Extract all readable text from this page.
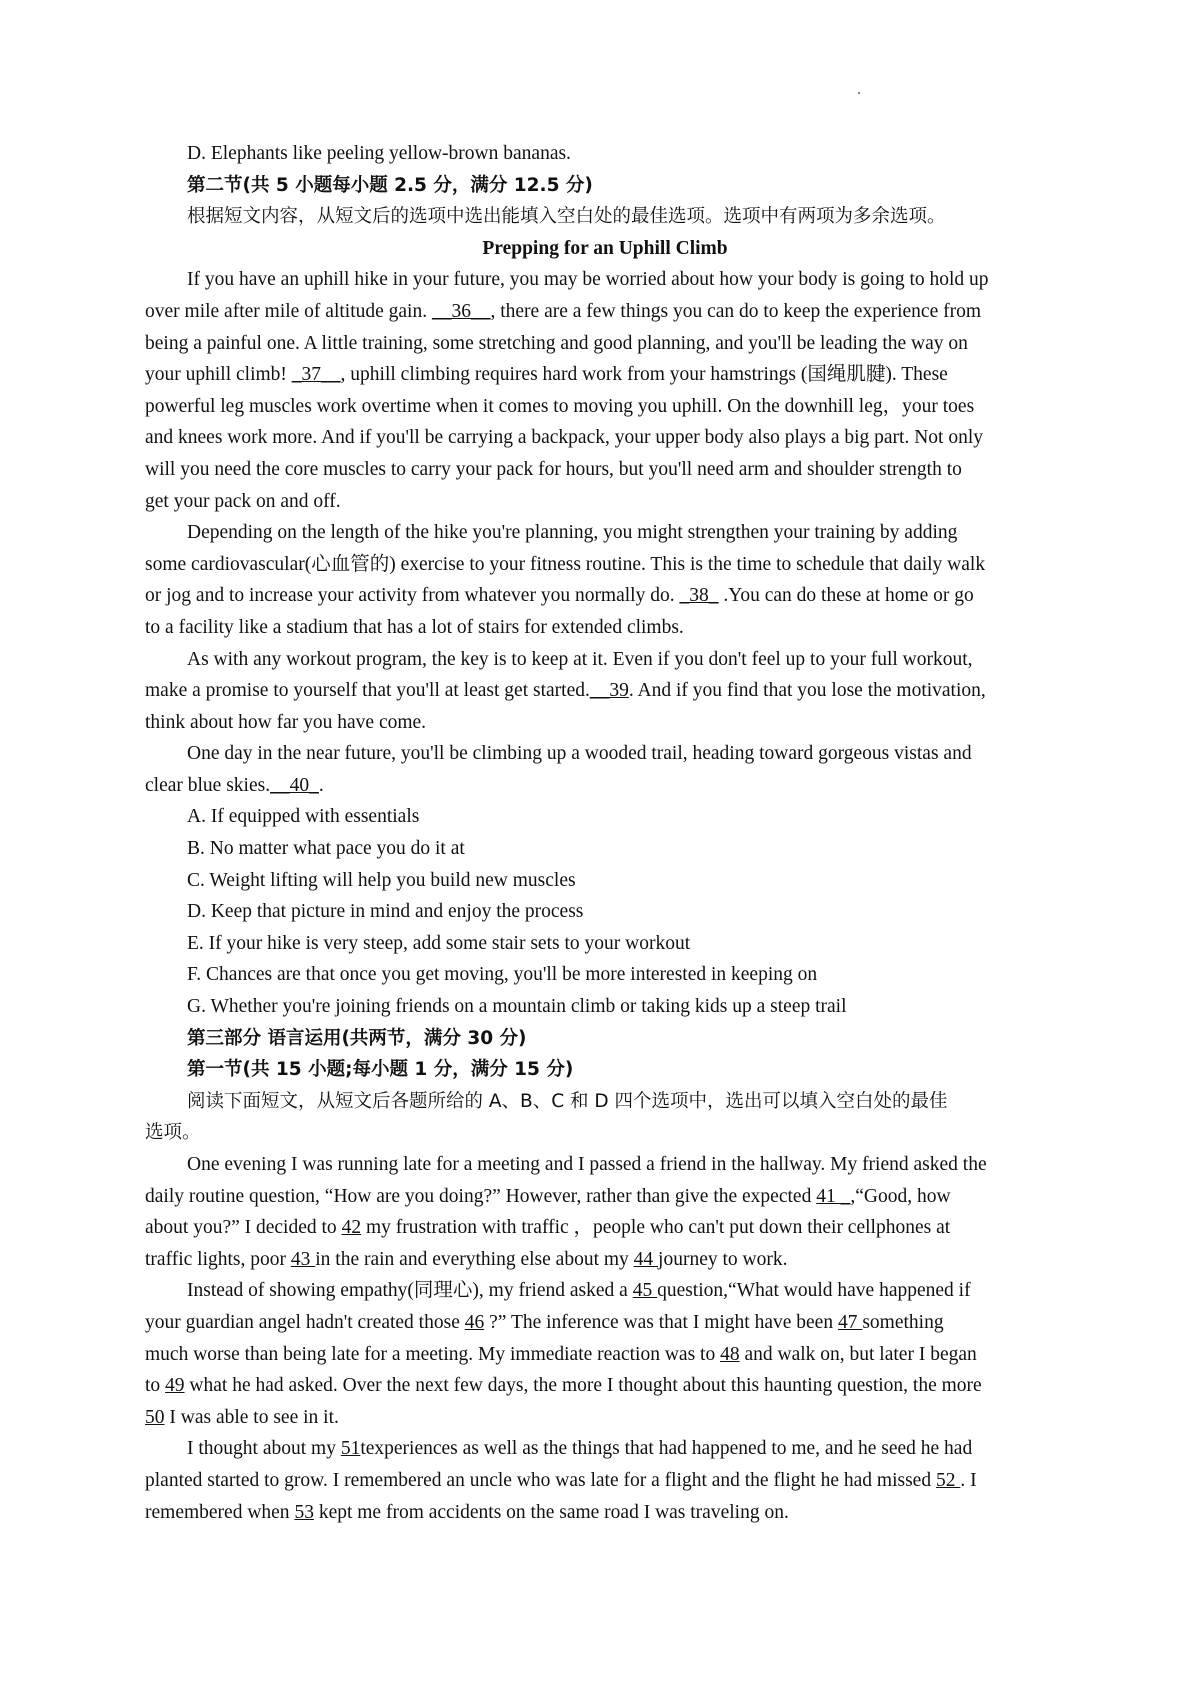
D. Elephants like peeling yellow-brown bananas.
第二节(共 5 小题每小题 2.5 分，满分 12.5 分)
根据短文内容，从短文后的选项中选出能填入空白处的最佳选项。选项中有两项为多余选项。
Prepping for an Uphill Climb
If you have an uphill hike in your future, you may be worried about how your body is going to hold up
over mile after mile of altitude gain. __36__, there are a few things you can do to keep the experience from
being a painful one. A little training, some stretching and good planning, and you'll be leading the way on
your uphill climb! _37__, uphill climbing requires hard work from your hamstrings (国绳肌腱). These
powerful leg muscles work overtime when it comes to moving you uphill. On the downhill leg，your toes
and knees work more. And if you'll be carrying a backpack, your upper body also plays a big part. Not only
will you need the core muscles to carry your pack for hours, but you'll need arm and shoulder strength to
get your pack on and off.
Depending on the length of the hike you're planning, you might strengthen your training by adding
some cardiovascular(心血管的) exercise to your fitness routine. This is the time to schedule that daily walk
or jog and to increase your activity from whatever you normally do. _38_ .You can do these at home or go
to a facility like a stadium that has a lot of stairs for extended climbs.
As with any workout program, the key is to keep at it. Even if you don't feel up to your full workout,
make a promise to yourself that you'll at least get started.__39. And if you find that you lose the motivation,
think about how far you have come.
One day in the near future, you'll be climbing up a wooded trail, heading toward gorgeous vistas and
clear blue skies.__40_.
A. If equipped with essentials
B. No matter what pace you do it at
C. Weight lifting will help you build new muscles
D. Keep that picture in mind and enjoy the process
E. If your hike is very steep, add some stair sets to your workout
F. Chances are that once you get moving, you'll be more interested in keeping on
G. Whether you're joining friends on a mountain climb or taking kids up a steep trail
第三部分 语言运用(共两节，满分 30 分)
第一节(共 15 小题;每小题 1 分，满分 15 分)
阅读下面短文，从短文后各题所给的 A、B、C 和 D 四个选项中，选出可以填入空白处的最佳
选项。
One evening I was running late for a meeting and I passed a friend in the hallway. My friend asked the
daily routine question, “How are you doing?” However, rather than give the expected 41 _,“Good, how
about you?” I decided to 42 my frustration with traffic ，people who can't put down their cellphones at
traffic lights, poor 43 in the rain and everything else about my 44 journey to work.
Instead of showing empathy(同理心), my friend asked a 45 question,“What would have happened if
your guardian angel hadn't created those 46 ?” The inference was that I might have been 47 something
much worse than being late for a meeting. My immediate reaction was to 48 and walk on, but later I began
to 49 what he had asked. Over the next few days, the more I thought about this haunting question, the more
50 I was able to see in it.
I thought about my 51texperiences as well as the things that had happened to me, and he seed he had
planted started to grow. I remembered an uncle who was late for a flight and the flight he had missed 52 . I
remembered when 53 kept me from accidents on the same road I was traveling on.
